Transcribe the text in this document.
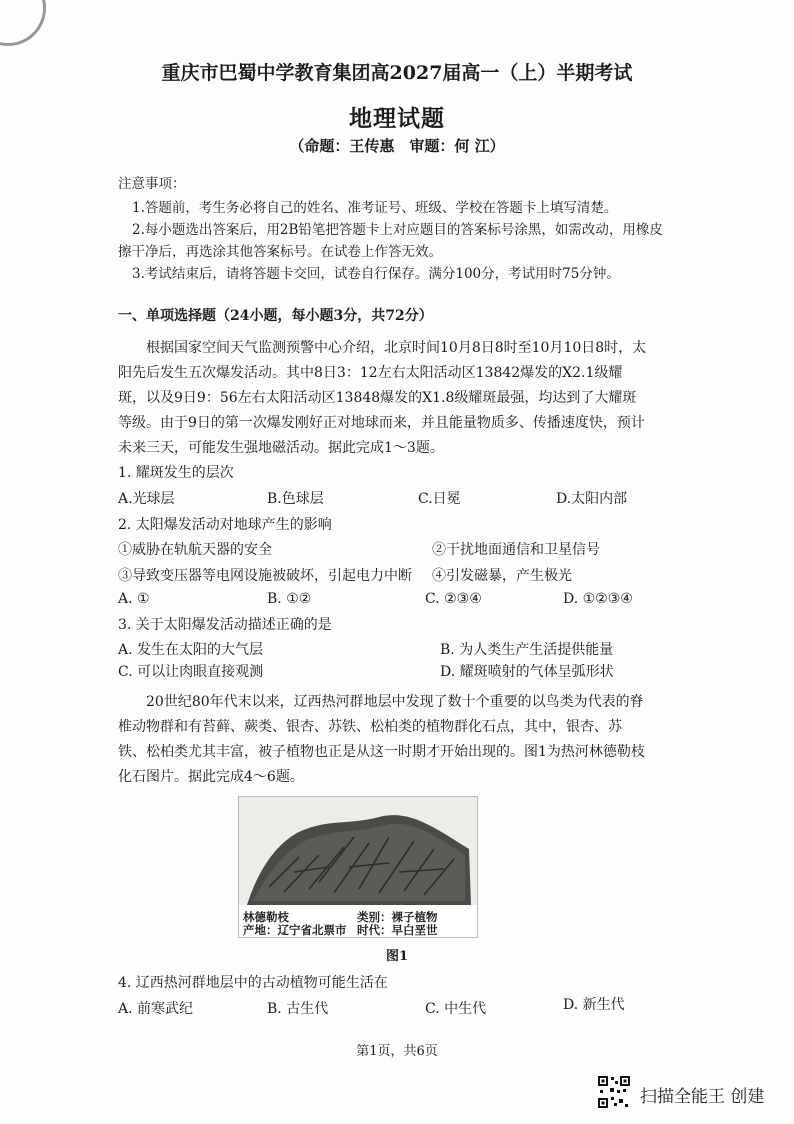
重庆市巴蜀中学教育集团高2027届高一（上）半期考试
地理试题
（命题：王传惠　审题：何 江）
注意事项：
1.答题前，考生务必将自己的姓名、准考证号、班级、学校在答题卡上填写清楚。
2.每小题选出答案后，用2B铅笔把答题卡上对应题目的答案标号涂黑，如需改动，用橡皮
擦干净后，再选涂其他答案标号。在试卷上作答无效。
3.考试结束后，请将答题卡交回，试卷自行保存。满分100分，考试用时75分钟。
一、单项选择题（24小题，每小题3分，共72分）
根据国家空间天气监测预警中心介绍，北京时间10月8日8时至10月10日8时，太阳先后发生五次爆发活动。其中8日3：12左右太阳活动区13842爆发的X2.1级耀斑，以及9日9：56左右太阳活动区13848爆发的X1.8级耀斑最强，均达到了大耀斑等级。由于9日的第一次爆发刚好正对地球而来，并且能量物质多、传播速度快，预计未来三天，可能发生强地磁活动。据此完成1～3题。
1. 耀斑发生的层次
A.光球层	B.色球层	C.日冕	D.太阳内部
2. 太阳爆发活动对地球产生的影响
①威胁在轨航天器的安全	②干扰地面通信和卫星信号
③导致变压器等电网设施被破坏，引起电力中断 ④引发磁暴，产生极光
A. ①	B. ①②	C. ②③④	D. ①②③④
3. 关于太阳爆发活动描述正确的是
A. 发生在太阳的大气层	B. 为人类生产生活提供能量
C. 可以让肉眼直接观测	D. 耀斑喷射的气体呈弧形状
20世纪80年代末以来，辽西热河群地层中发现了数十个重要的以鸟类为代表的脊椎动物群和有苔藓、蕨类、银杏、苏铁、松柏类的植物群化石点，其中，银杏、苏铁、松柏类尤其丰富，被子植物也正是从这一时期才开始出现的。图1为热河林德勒枝化石图片。据此完成4～6题。
林德勒枝	类别：裸子植物
产地：辽宁省北票市 时代：早白垩世
图1
4. 辽西热河群地层中的古动植物可能生活在
A. 前寒武纪	B. 古生代	C. 中生代	D. 新生代
第1页，共6页
扫描全能王 创建
